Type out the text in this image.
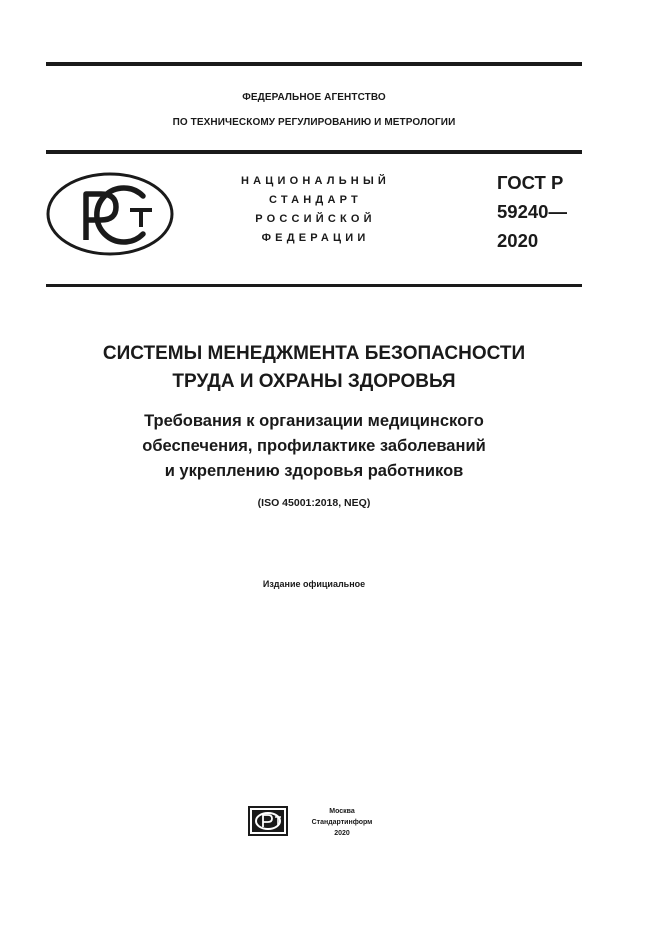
ФЕДЕРАЛЬНОЕ АГЕНТСТВО
ПО ТЕХНИЧЕСКОМУ РЕГУЛИРОВАНИЮ И МЕТРОЛОГИИ
НАЦИОНАЛЬНЫЙ
СТАНДАРТ
РОССИЙСКОЙ
ФЕДЕРАЦИИ
ГОСТ Р
59240—
2020
СИСТЕМЫ МЕНЕДЖМЕНТА БЕЗОПАСНОСТИ
ТРУДА И ОХРАНЫ ЗДОРОВЬЯ
Требования к организации медицинского
обеспечения, профилактике заболеваний
и укреплению здоровья работников
(ISO 45001:2018, NEQ)
Издание официальное
Москва
Стандартинформ
2020
